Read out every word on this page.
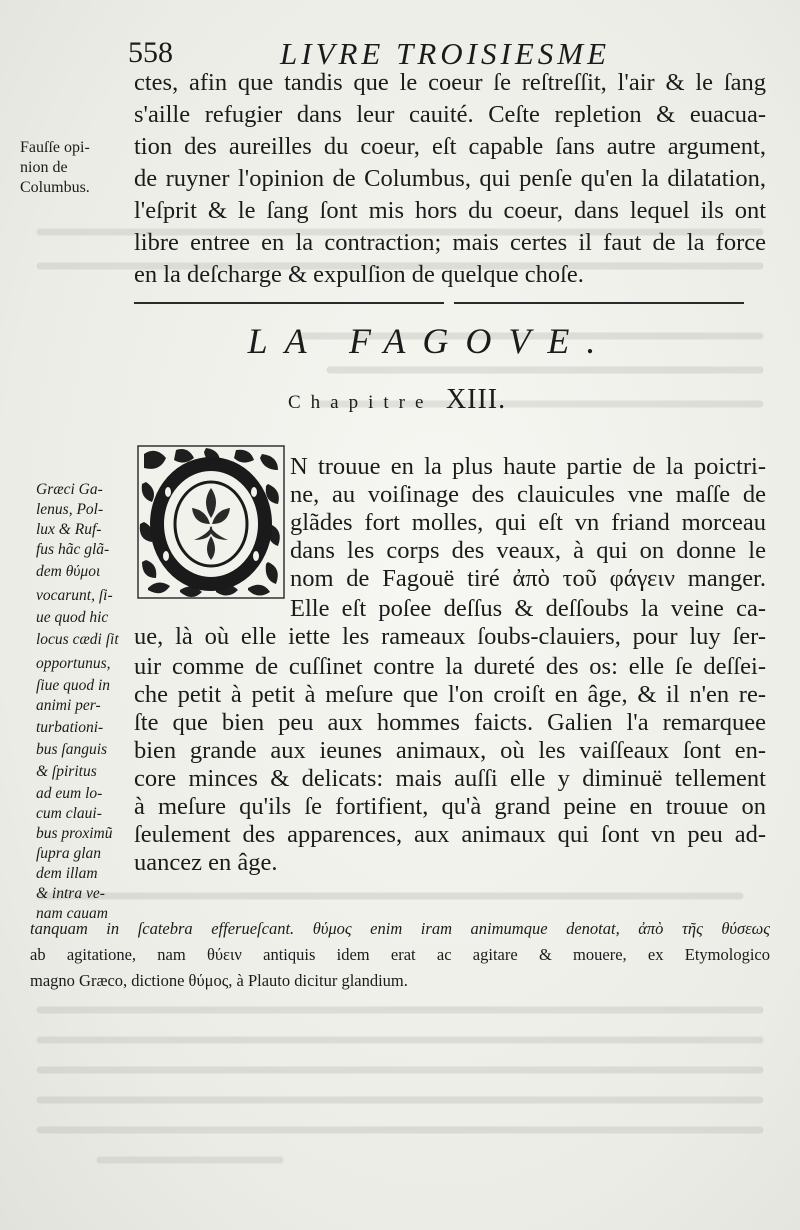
558	LIVRE TROISIESME
ctes, afin que tandis que le coeur ſe reſtreſſit, l'air & le ſang
s'aille refugier dans leur cauité. Ceſte repletion & euacua-
tion des aureilles du coeur, eſt capable ſans autre argument,
de ruyner l'opinion de Columbus, qui penſe qu'en la dilatation,
l'eſprit & le ſang ſont mis hors du coeur, dans lequel ils ont
libre entree en la contraction; mais certes il faut de la force
en la deſcharge & expulſion de quelque choſe.
Fauſſe opi-
nion de
Columbus.
LA FAGOVE.
Chapitre XIII.
N trouue en la plus haute partie de la poictri-
ne, au voiſinage des clauicules vne maſſe de
glãdes fort molles, qui eſt vn friand morceau
dans les corps des veaux, à qui on donne le
nom de Fagouë tiré ἀπὸ τοῦ φάγειν manger.
Elle eſt poſee deſſus & deſſoubs la veine ca-
ue, là où elle iette les rameaux ſoubs-clauiers, pour luy ſer-
uir comme de cuſſinet contre la dureté des os: elle ſe deſſei-
che petit à petit à meſure que l'on croiſt en âge, & il n'en re-
ſte que bien peu aux hommes faicts. Galien l'a remarquee
bien grande aux ieunes animaux, où les vaiſſeaux ſont en-
core minces & delicats: mais auſſi elle y diminuë tellement
à meſure qu'ils ſe fortifient, qu'à grand peine en trouue on
ſeulement des apparences, aux animaux qui ſont vn peu ad-
uancez en âge.
Græci Ga-
lenus, Pol-
lux & Ruf-
fus hãc glã-
dem θύμοι
vocarunt, ſi-
ue quod hic
locus cædi ſit
opportunus,
ſiue quod in
animi per-
turbationi-
bus ſanguis
& ſpiritus
ad eum lo-
cum claui-
bus proximũ
ſupra glan
dem illam
& intra ve-
nam cauam
tanquam in ſcatebra efferueſcant. θύμος enim iram animumque denotat, ἀπὸ τῆς θύσεως
ab agitatione, nam θύειν antiquis idem erat ac agitare & mouere, ex Etymologico
magno Græco, dictione θύμος, à Plauto dicitur glandium.
